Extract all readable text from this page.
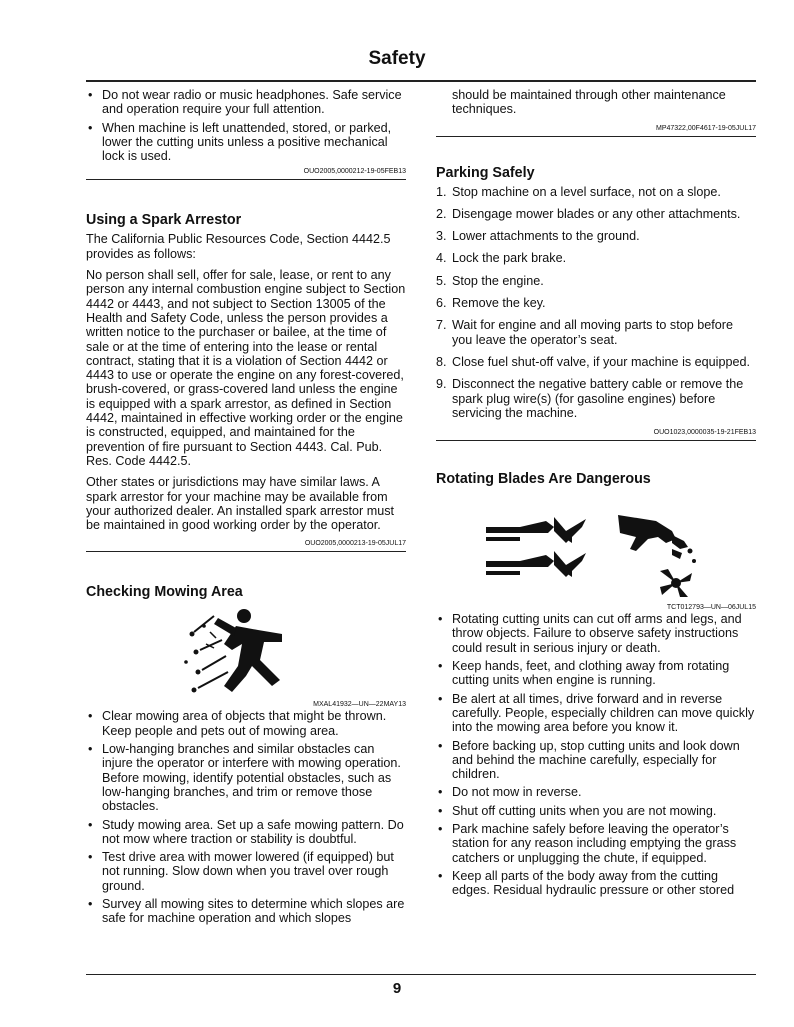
Safety
• Do not wear radio or music headphones. Safe service and operation require your full attention.
• When machine is left unattended, stored, or parked, lower the cutting units unless a positive mechanical lock is used.
OUO2005,0000212-19-05FEB13
Using a Spark Arrestor

The California Public Resources Code, Section 4442.5 provides as follows:

No person shall sell, offer for sale, lease, or rent to any person any internal combustion engine subject to Section 4442 or 4443, and not subject to Section 13005 of the Health and Safety Code, unless the person provides a written notice to the purchaser or bailee, at the time of sale or at the time of entering into the lease or rental contract, stating that it is a violation of Section 4442 or 4443 to use or operate the engine on any forest-covered, brush-covered, or grass-covered land unless the engine is equipped with a spark arrestor, as defined in Section 4442, maintained in effective working order or the engine is constructed, equipped, and maintained for the prevention of fire pursuant to Section 4443. Cal. Pub. Res. Code 4442.5.

Other states or jurisdictions may have similar laws. A spark arrestor for your machine may be available from your authorized dealer. An installed spark arrestor must be maintained in good working order by the operator.

OUO2005,0000213-19-05JUL17
Checking Mowing Area
MXAL41932—UN—22MAY13
• Clear mowing area of objects that might be thrown. Keep people and pets out of mowing area.
• Low-hanging branches and similar obstacles can injure the operator or interfere with mowing operation. Before mowing, identify potential obstacles, such as low-hanging branches, and trim or remove those obstacles.
• Study mowing area. Set up a safe mowing pattern. Do not mow where traction or stability is doubtful.
• Test drive area with mower lowered (if equipped) but not running. Slow down when you travel over rough ground.
• Survey all mowing sites to determine which slopes are safe for machine operation and which slopes

should be maintained through other maintenance techniques.

MP47322,00F4617-19-05JUL17
Parking Safely
1. Stop machine on a level surface, not on a slope.
2. Disengage mower blades or any other attachments.
3. Lower attachments to the ground.
4. Lock the park brake.
5. Stop the engine.
6. Remove the key.
7. Wait for engine and all moving parts to stop before you leave the operator’s seat.
8. Close fuel shut-off valve, if your machine is equipped.
9. Disconnect the negative battery cable or remove the spark plug wire(s) (for gasoline engines) before servicing the machine.
OUO1023,0000035-19-21FEB13
Rotating Blades Are Dangerous
TCT012793—UN—06JUL15
• Rotating cutting units can cut off arms and legs, and throw objects. Failure to observe safety instructions could result in serious injury or death.
• Keep hands, feet, and clothing away from rotating cutting units when engine is running.
• Be alert at all times, drive forward and in reverse carefully. People, especially children can move quickly into the mowing area before you know it.
• Before backing up, stop cutting units and look down and behind the machine carefully, especially for children.
• Do not mow in reverse.
• Shut off cutting units when you are not mowing.
• Park machine safely before leaving the operator’s station for any reason including emptying the grass catchers or unplugging the chute, if equipped.
• Keep all parts of the body away from the cutting edges. Residual hydraulic pressure or other stored
9
